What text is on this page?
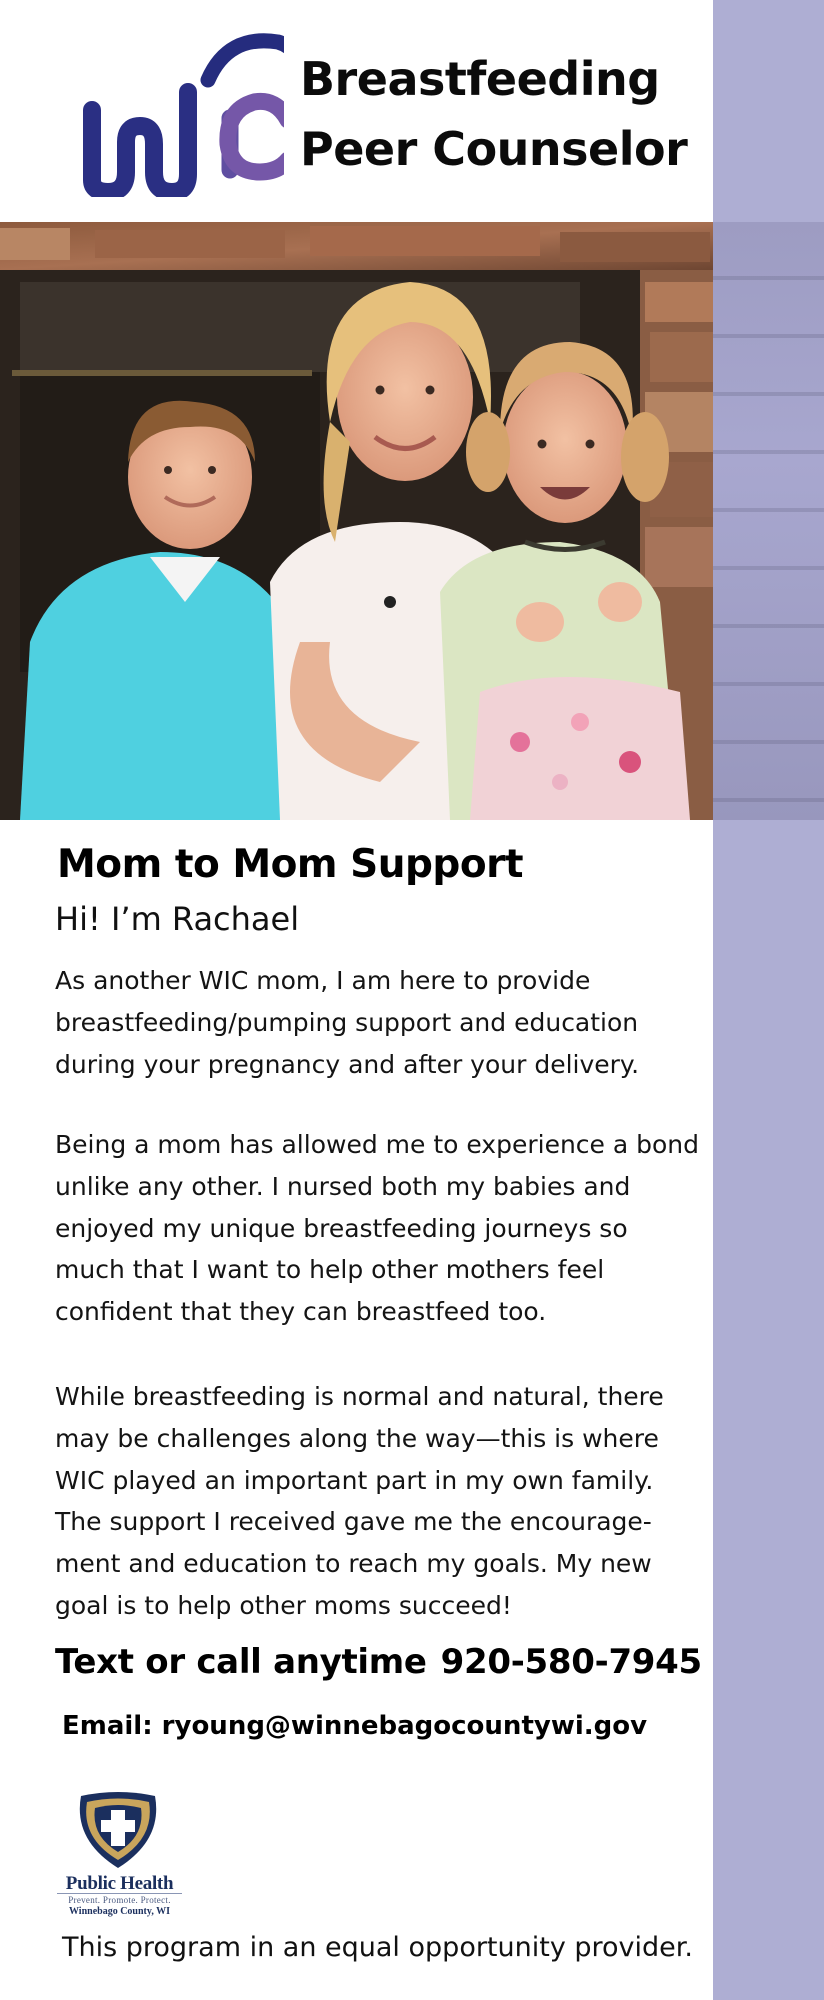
Breastfeeding
Peer Counselor
Mom to Mom Support
Hi! I’m Rachael
As another WIC mom, I am here to provide
breastfeeding/pumping support and education
during your pregnancy and after your delivery.
Being a mom has allowed me to experience a bond
unlike any other. I nursed both my babies and
enjoyed my unique breastfeeding journeys so
much that I want to help other mothers feel
confident that they can breastfeed too.
While breastfeeding is normal and natural, there
may be challenges along the way—this is where
WIC played an important part in my own family.
The support I received gave me the encourage-
ment and education to reach my goals. My new
goal is to help other moms succeed!
Text or call anytime 920-580-7945
Email: ryoung@winnebagocountywi.gov
Public Health
Prevent. Promote. Protect.
Winnebago County, WI
This program in an equal opportunity provider.
